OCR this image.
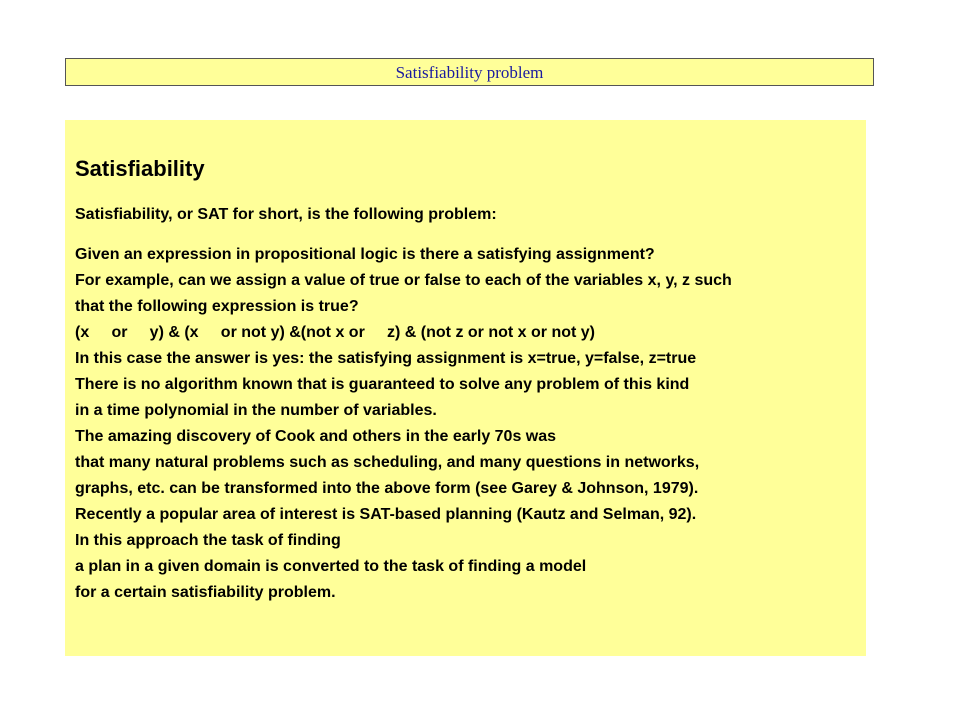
Satisfiability problem
Satisfiability

Satisfiability, or SAT for short, is the following problem:

Given an expression in propositional logic is there a satisfying assignment?

For example, can we assign a value of true or false to each of the variables x, y, z such

that the following expression is true?

(x     or     y) & (x     or not y) &(not x or     z) & (not z or not x or not y)

In this case the answer is yes: the satisfying assignment is x=true, y=false, z=true

There is no algorithm known that is guaranteed to solve any problem of this kind

in a time polynomial in the number of variables.

The amazing discovery of Cook and others in the early 70s was

that many natural problems such as scheduling, and many questions in networks,

graphs, etc. can be transformed into the above form (see Garey & Johnson, 1979).

Recently a popular area of interest is SAT-based planning (Kautz and Selman, 92).

In this approach the task of finding

a plan in a given domain is converted to the task of finding a model

for a certain satisfiability problem.
